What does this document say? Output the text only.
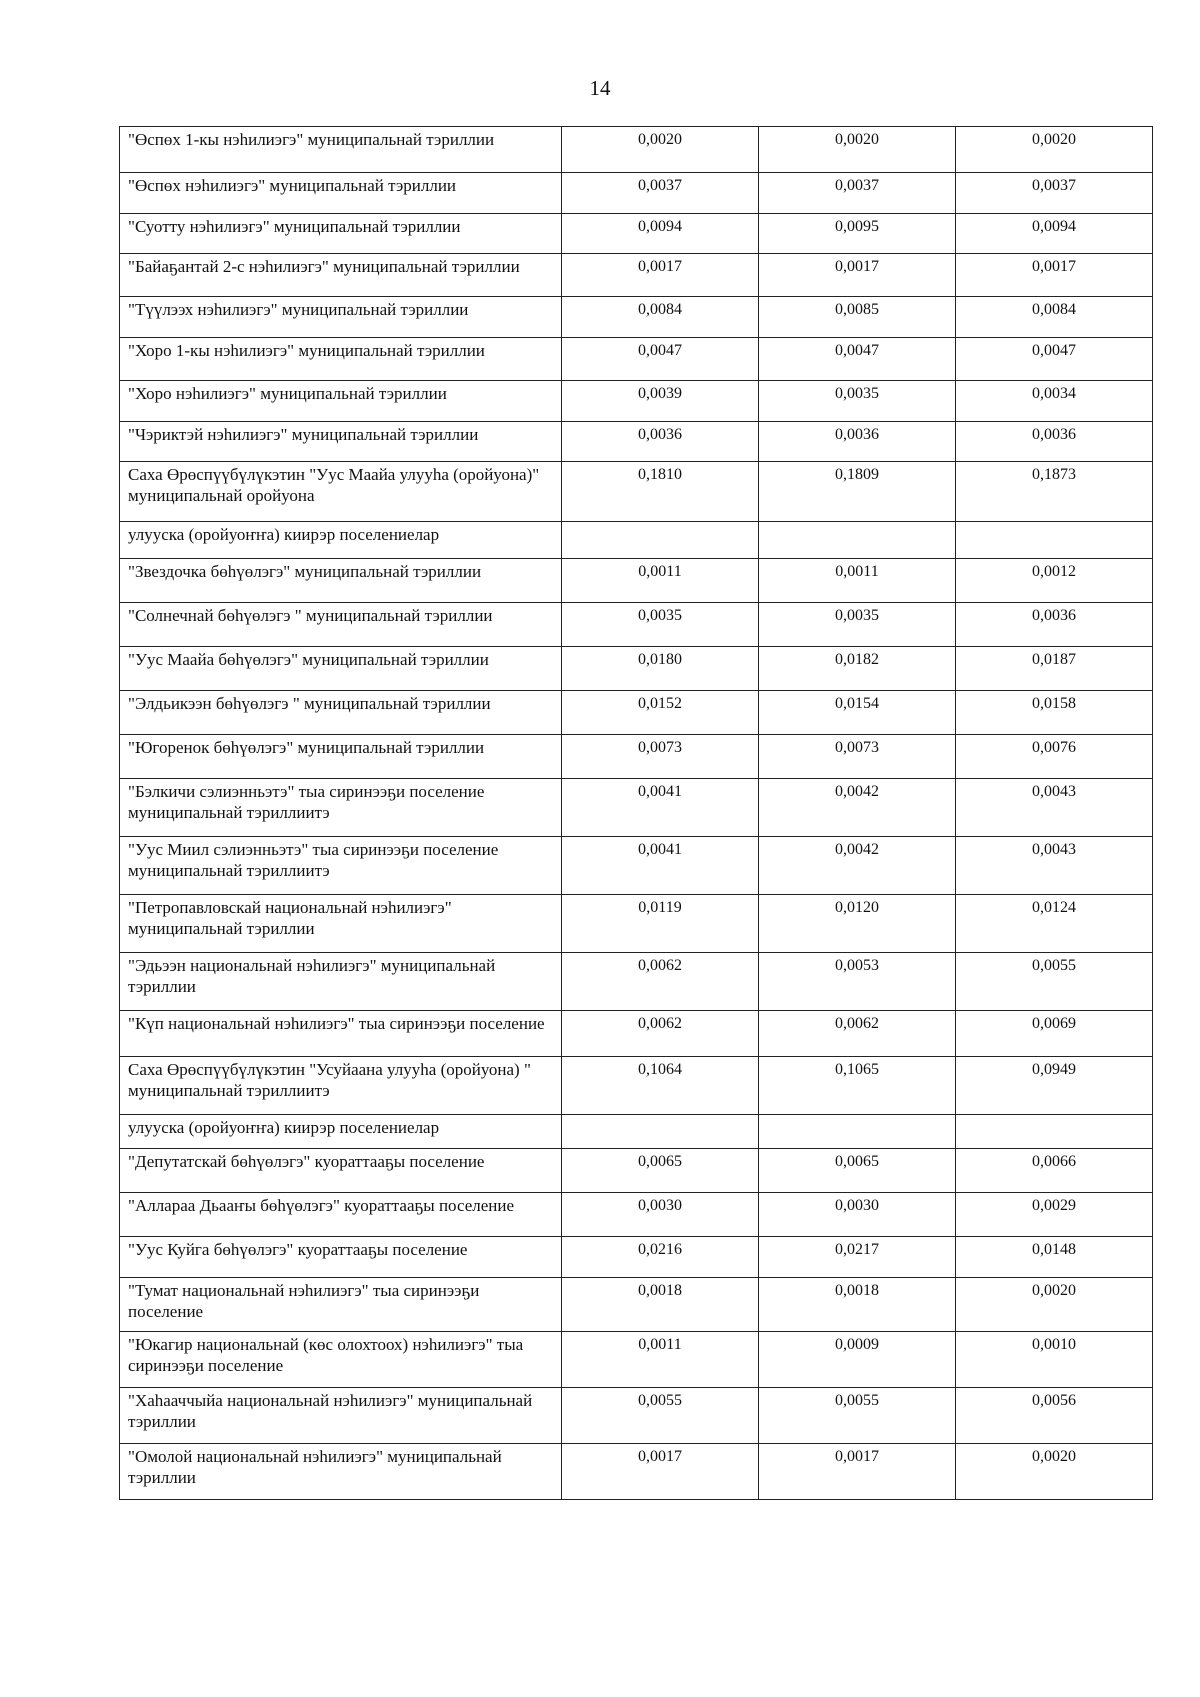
14
"Өспөх 1-кы нэhилиэгэ" муниципальнай тэриллии	0,0020	0,0020	0,0020
"Өспөх нэhилиэгэ" муниципальнай тэриллии	0,0037	0,0037	0,0037
"Суотту нэhилиэгэ" муниципальнай тэриллии	0,0094	0,0095	0,0094
"Байаҕантай 2-с нэhилиэгэ" муниципальнай тэриллии	0,0017	0,0017	0,0017
"Түүлээх нэhилиэгэ" муниципальнай тэриллии	0,0084	0,0085	0,0084
"Хоро 1-кы нэhилиэгэ" муниципальнай тэриллии	0,0047	0,0047	0,0047
"Хоро нэhилиэгэ" муниципальнай тэриллии	0,0039	0,0035	0,0034
"Чэриктэй нэhилиэгэ" муниципальнай тэриллии	0,0036	0,0036	0,0036
Саха Өрөспүүбүлүкэтин "Уус Маайа улууhа (оройуона)" муниципальнай оройуона	0,1810	0,1809	0,1873
улууска (оройуоҥҥа) киирэр поселениелар			
"Звездочка бөhүөлэгэ" муниципальнай тэриллии	0,0011	0,0011	0,0012
"Солнечнай бөhүөлэгэ " муниципальнай тэриллии	0,0035	0,0035	0,0036
"Уус Маайа бөhүөлэгэ" муниципальнай тэриллии	0,0180	0,0182	0,0187
"Элдьикээн бөhүөлэгэ " муниципальнай тэриллии	0,0152	0,0154	0,0158
"Югоренок бөhүөлэгэ" муниципальнай тэриллии	0,0073	0,0073	0,0076
"Бэлкичи сэлиэнньэтэ" тыа сиринээҕи поселение муниципальнай тэриллиитэ	0,0041	0,0042	0,0043
"Уус Миил сэлиэнньэтэ" тыа сиринээҕи поселение муниципальнай тэриллиитэ	0,0041	0,0042	0,0043
"Петропавловскай национальнай нэhилиэгэ" муниципальнай тэриллии	0,0119	0,0120	0,0124
"Эдьээн национальнай нэhилиэгэ" муниципальнай тэриллии	0,0062	0,0053	0,0055
"Күп национальнай нэhилиэгэ" тыа сиринээҕи поселение	0,0062	0,0062	0,0069
Саха Өрөспүүбүлүкэтин "Усуйаана улууhа (оройуона) " муниципальнай тэриллиитэ	0,1064	0,1065	0,0949
улууска (оройуоҥҥа) киирэр поселениелар			
"Депутатскай бөhүөлэгэ" куораттааҕы поселение	0,0065	0,0065	0,0066
"Аллараа Дьааҥы бөhүөлэгэ" куораттааҕы поселение	0,0030	0,0030	0,0029
"Уус Куйга бөhүөлэгэ" куораттааҕы поселение	0,0216	0,0217	0,0148
"Тумат национальнай нэhилиэгэ" тыа сиринээҕи поселение	0,0018	0,0018	0,0020
"Юкагир национальнай (көс олохтоох) нэhилиэгэ" тыа сиринээҕи поселение	0,0011	0,0009	0,0010
"Хаhааччыйа национальнай нэhилиэгэ" муниципальнай тэриллии	0,0055	0,0055	0,0056
"Омолой национальнай нэhилиэгэ" муниципальнай тэриллии	0,0017	0,0017	0,0020
